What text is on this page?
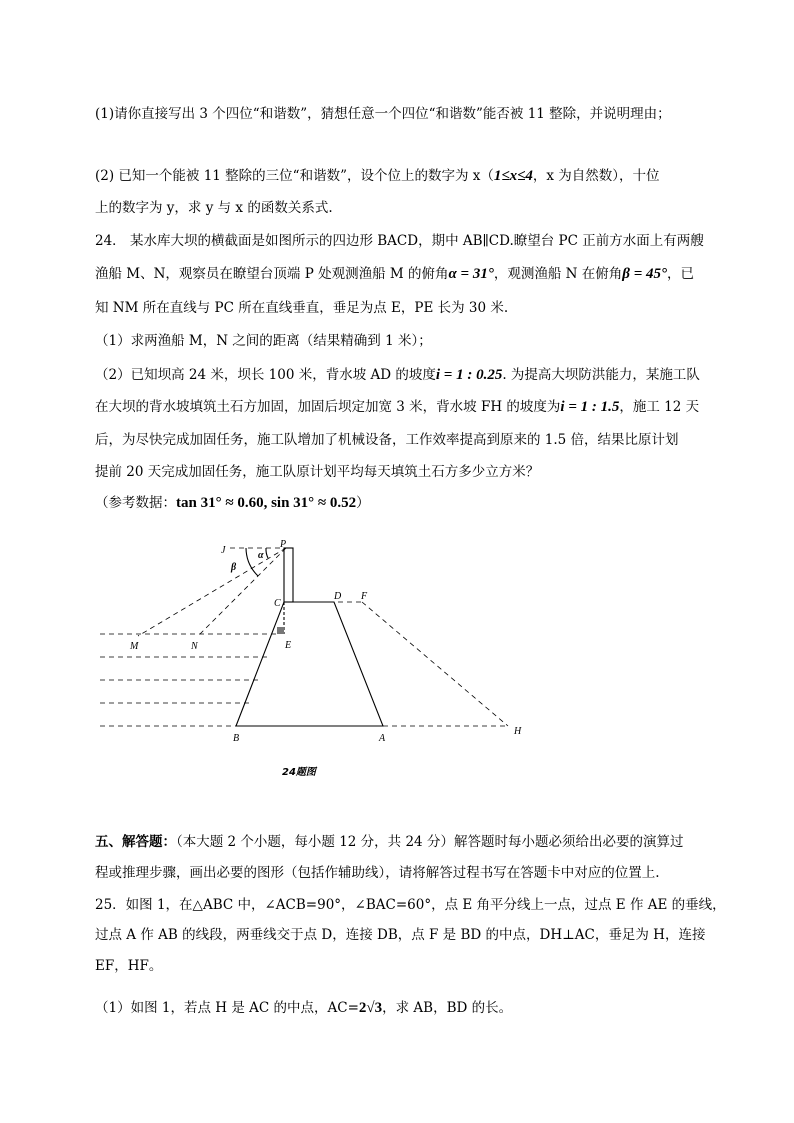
(1)请你直接写出 3 个四位“和谐数”，猜想任意一个四位“和谐数”能否被 11 整除，并说明理由；
(2) 已知一个能被 11 整除的三位“和谐数”，设个位上的数字为 x（1≤x≤4，x 为自然数），十位
上的数字为 y，求 y 与 x 的函数关系式.
24． 某水库大坝的横截面是如图所示的四边形 BACD，期中 AB∥CD.瞭望台 PC 正前方水面上有两艘
渔船 M、N，观察员在瞭望台顶端 P 处观测渔船 M 的俯角α = 31°，观测渔船 N 在俯角β = 45°，已
知 NM 所在直线与 PC 所在直线垂直，垂足为点 E，PE 长为 30 米.
（1）求两渔船 M，N 之间的距离（结果精确到 1 米）；
（2）已知坝高 24 米，坝长 100 米，背水坡 AD 的坡度i = 1 : 0.25. 为提高大坝防洪能力，某施工队
在大坝的背水坡填筑土石方加固，加固后坝定加宽 3 米，背水坡 FH 的坡度为i = 1 : 1.5，施工 12 天
后，为尽快完成加固任务，施工队增加了机械设备，工作效率提高到原来的 1.5 倍，结果比原计划
提前 20 天完成加固任务，施工队原计划平均每天填筑土石方多少立方米？
（参考数据：tan 31° ≈ 0.60, sin 31° ≈ 0.52）
J
P
α
β
C
D F
M	N	E
B	A
H
24题图
五、解答题：（本大题 2 个小题，每小题 12 分，共 24 分）解答题时每小题必须给出必要的演算过
程或推理步骤，画出必要的图形（包括作辅助线），请将解答过程书写在答题卡中对应的位置上.
25．如图 1，在△ABC 中，∠ACB=90°，∠BAC=60°，点 E 角平分线上一点，过点 E 作 AE 的垂线，
过点 A 作 AB 的线段，两垂线交于点 D，连接 DB，点 F 是 BD 的中点，DH⊥AC，垂足为 H，连接
EF，HF。
（1）如图 1，若点 H 是 AC 的中点，AC=2√3，求 AB，BD 的长。
